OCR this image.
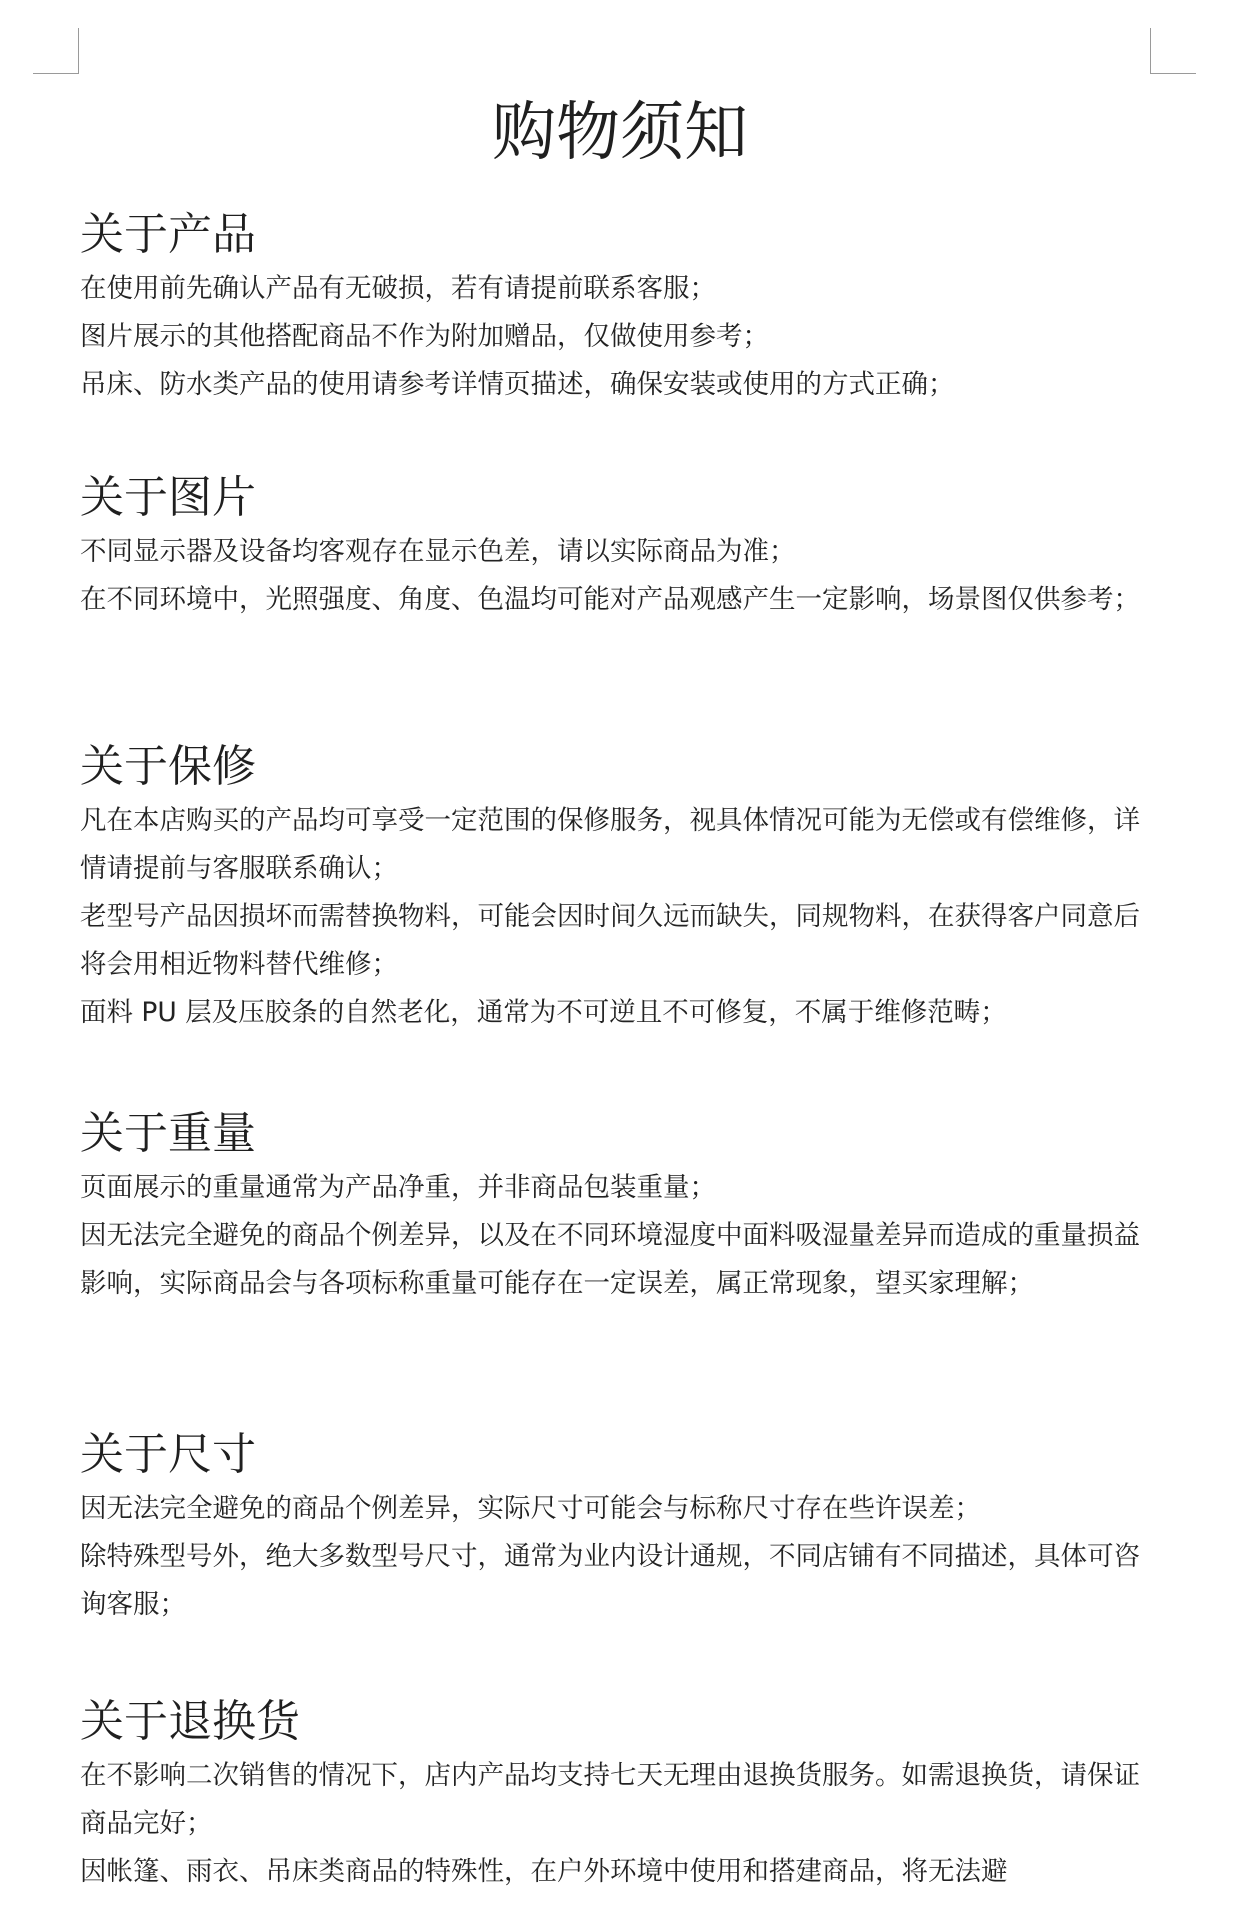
购物须知
关于产品

在使用前先确认产品有无破损，若有请提前联系客服；

图片展示的其他搭配商品不作为附加赠品，仅做使用参考；

吊床、防水类产品的使用请参考详情页描述，确保安装或使用的方式正确；

关于图片

不同显示器及设备均客观存在显示色差，请以实际商品为准；

在不同环境中，光照强度、角度、色温均可能对产品观感产生一定影响，场景图仅供参考；

关于保修

凡在本店购买的产品均可享受一定范围的保修服务，视具体情况可能为无偿或有偿维修，详情请提前与客服联系确认；

老型号产品因损坏而需替换物料，可能会因时间久远而缺失，同规物料，在获得客户同意后将会用相近物料替代维修；

面料 PU 层及压胶条的自然老化，通常为不可逆且不可修复，不属于维修范畴；

关于重量

页面展示的重量通常为产品净重，并非商品包装重量；

因无法完全避免的商品个例差异，以及在不同环境湿度中面料吸湿量差异而造成的重量损益影响，实际商品会与各项标称重量可能存在一定误差，属正常现象，望买家理解；

关于尺寸

因无法完全避免的商品个例差异，实际尺寸可能会与标称尺寸存在些许误差；

除特殊型号外，绝大多数型号尺寸，通常为业内设计通规，不同店铺有不同描述，具体可咨询客服；

关于退换货

在不影响二次销售的情况下，店内产品均支持七天无理由退换货服务。如需退换货，请保证商品完好；

因帐篷、雨衣、吊床类商品的特殊性，在户外环境中使用和搭建商品，将无法避
